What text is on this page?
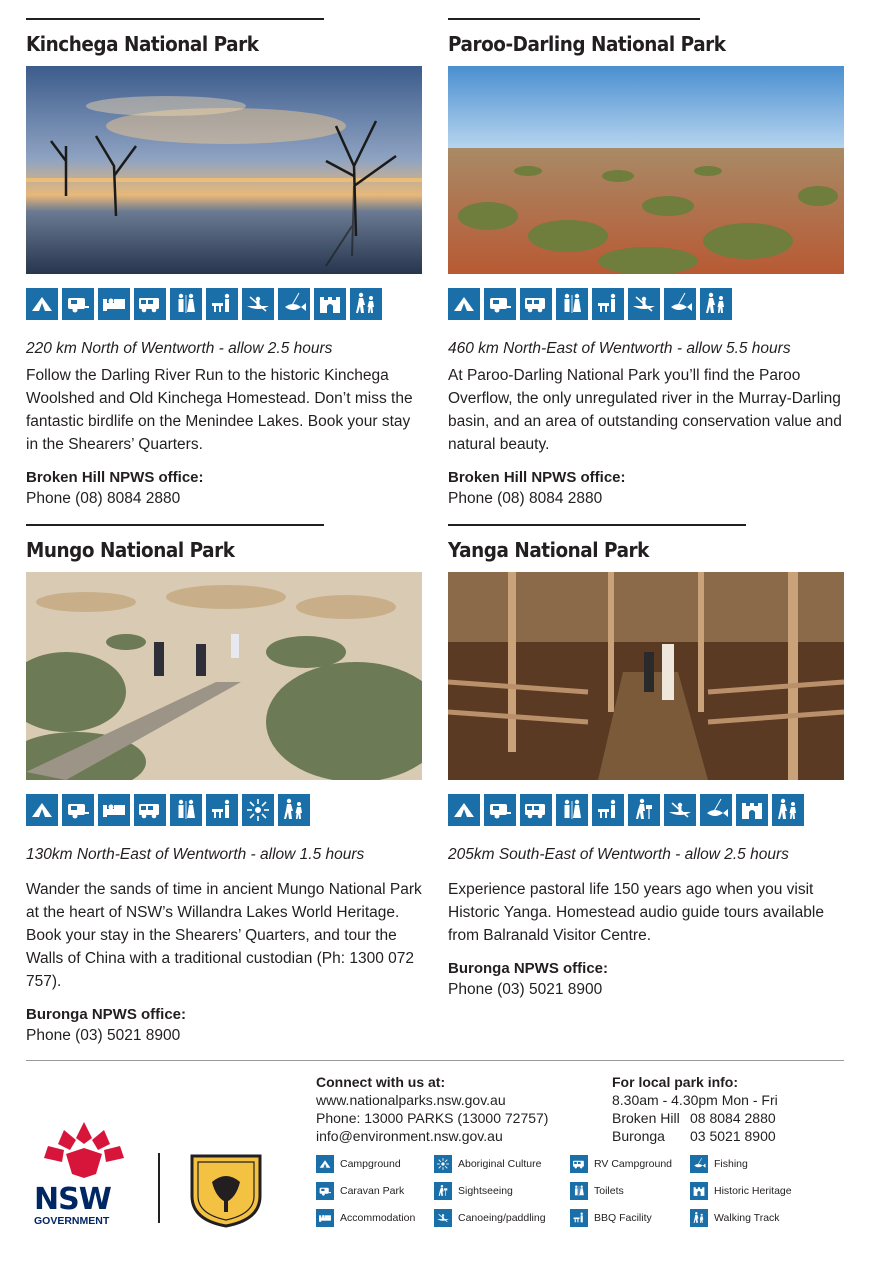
Kinchega National Park
220 km North of Wentworth - allow 2.5 hours
Follow the Darling River Run to the historic Kinchega Woolshed and Old Kinchega Homestead. Don’t miss the fantastic birdlife on the Menindee Lakes. Book your stay in the Shearers’ Quarters.
Broken Hill NPWS office:
Phone (08) 8084 2880
Paroo-Darling National Park
460 km North-East of Wentworth - allow 5.5 hours
At Paroo-Darling National Park you’ll find the Paroo Overflow, the only unregulated river in the Murray-Darling basin, and an area of outstanding conservation value and natural beauty.
Broken Hill NPWS office:
Phone (08) 8084 2880
Mungo National Park
130km North-East of Wentworth - allow 1.5 hours
Wander the sands of time in ancient Mungo National Park at the heart of NSW’s Willandra Lakes World Heritage. Book your stay in the Shearers’ Quarters, and tour the Walls of China with a traditional custodian (Ph: 1300 072 757).
Buronga NPWS office:
Phone (03) 5021 8900
Yanga National Park
205km South-East of Wentworth - allow 2.5 hours
Experience pastoral life 150 years ago when you visit Historic Yanga. Homestead audio guide tours available from Balranald Visitor Centre.
Buronga NPWS office:
Phone (03) 5021 8900
NSW
GOVERNMENT
Connect with us at:
www.nationalparks.nsw.gov.au
Phone: 13000 PARKS (13000 72757)
info@environment.nsw.gov.au
For local park info:
8.30am - 4.30pm Mon - Fri
Broken Hill 08 8084 2880
Buronga 03 5021 8900
Campground
Caravan Park
Accommodation
Aboriginal Culture
Sightseeing
Canoeing/paddling
RV Campground
Toilets
BBQ Facility
Fishing
Historic Heritage
Walking Track
